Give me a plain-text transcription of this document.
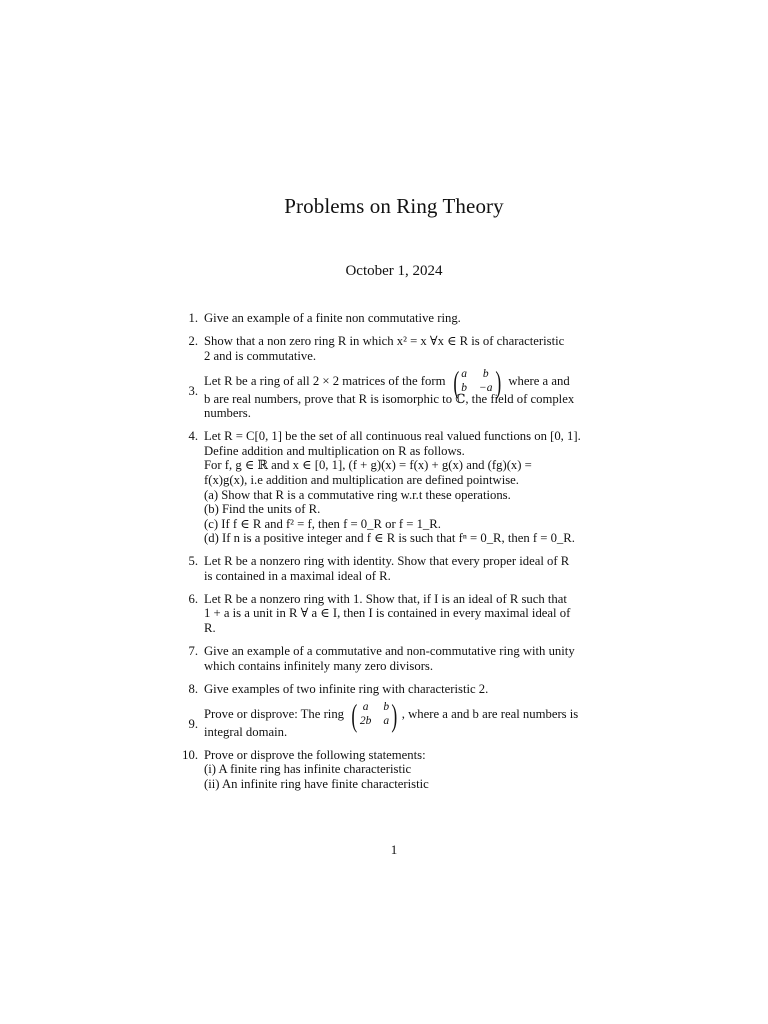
Problems on Ring Theory
October 1, 2024
1. Give an example of a finite non commutative ring.
2. Show that a non zero ring R in which x² = x ∀x ∈ R is of characteristic
2 and is commutative.
3.
Let R be a ring of all 2 × 2 matrices of the form ( a	b
b −a ) where a and
b are real numbers, prove that R is isomorphic to ℂ, the field of complex
numbers.
4. Let R = C[0, 1] be the set of all continuous real valued functions on [0, 1].
Define addition and multiplication on R as follows.
For f, g ∈ ℝ and x ∈ [0, 1], (f + g)(x) = f(x) + g(x) and (fg)(x) =
f(x)g(x), i.e addition and multiplication are defined pointwise.
(a) Show that R is a commutative ring w.r.t these operations.
(b) Find the units of R.
(c) If f ∈ R and f² = f, then f = 0_R or f = 1_R.
(d) If n is a positive integer and f ∈ R is such that fⁿ = 0_R, then f = 0_R.
5. Let R be a nonzero ring with identity. Show that every proper ideal of R
is contained in a maximal ideal of R.
6. Let R be a nonzero ring with 1. Show that, if I is an ideal of R such that
1 + a is a unit in R ∀ a ∈ I, then I is contained in every maximal ideal of
R.
7. Give an example of a commutative and non-commutative ring with unity
which contains infinitely many zero divisors.
8. Give examples of two infinite ring with characteristic 2.
9.
Prove or disprove: The ring ( a b
2b a ) , where a and b are real numbers is
integral domain.
10. Prove or disprove the following statements:
(i) A finite ring has infinite characteristic
(ii) An infinite ring have finite characteristic
1
